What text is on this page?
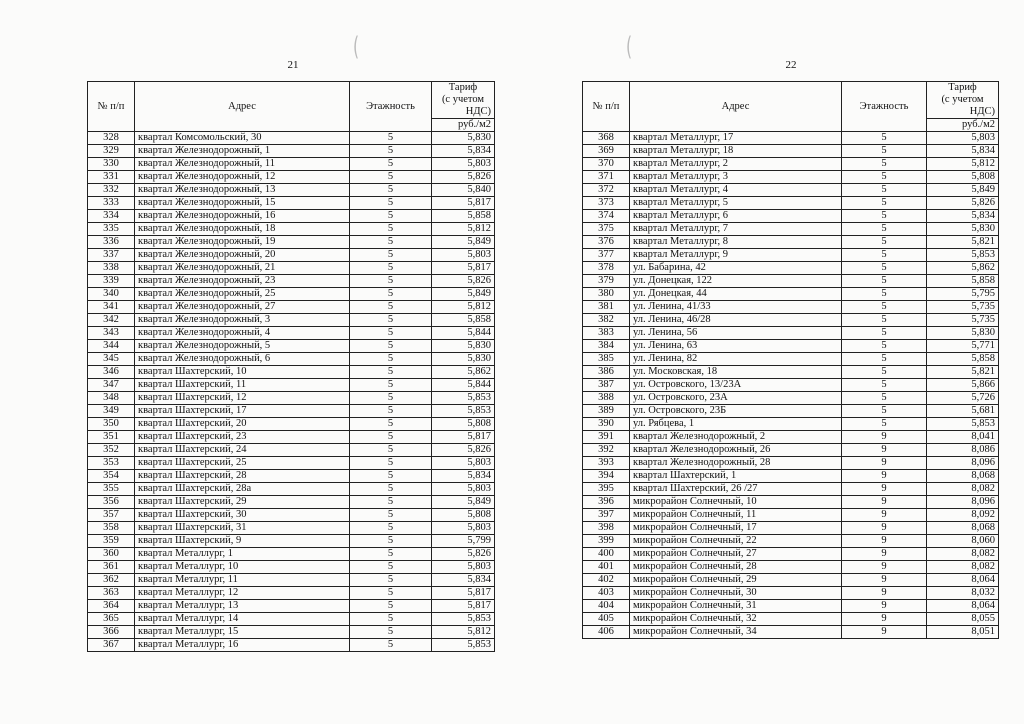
(
21
№ п/п	Адрес	Этажность	Тариф
(с учетом
НДС)

			руб./м2
328	квартал Комсомольский, 30	5	5,830
329	квартал Железнодорожный, 1	5	5,834
330	квартал Железнодорожный, 11	5	5,803
331	квартал Железнодорожный, 12	5	5,826
332	квартал Железнодорожный, 13	5	5,840
333	квартал Железнодорожный, 15	5	5,817
334	квартал Железнодорожный, 16	5	5,858
335	квартал Железнодорожный, 18	5	5,812
336	квартал Железнодорожный, 19	5	5,849
337	квартал Железнодорожный, 20	5	5,803
338	квартал Железнодорожный, 21	5	5,817
339	квартал Железнодорожный, 23	5	5,826
340	квартал Железнодорожный, 25	5	5,849
341	квартал Железнодорожный, 27	5	5,812
342	квартал Железнодорожный, 3	5	5,858
343	квартал Железнодорожный, 4	5	5,844
344	квартал Железнодорожный, 5	5	5,830
345	квартал Железнодорожный, 6	5	5,830
346	квартал Шахтерский, 10	5	5,862
347	квартал Шахтерский, 11	5	5,844
348	квартал Шахтерский, 12	5	5,853
349	квартал Шахтерский, 17	5	5,853
350	квартал Шахтерский, 20	5	5,808
351	квартал Шахтерский, 23	5	5,817
352	квартал Шахтерский, 24	5	5,826
353	квартал Шахтерский, 25	5	5,803
354	квартал Шахтерский, 28	5	5,834
355	квартал Шахтерский, 28а	5	5,803
356	квартал Шахтерский, 29	5	5,849
357	квартал Шахтерский, 30	5	5,808
358	квартал Шахтерский, 31	5	5,803
359	квартал Шахтерский, 9	5	5,799
360	квартал Металлург, 1	5	5,826
361	квартал Металлург, 10	5	5,803
362	квартал Металлург, 11	5	5,834
363	квартал Металлург, 12	5	5,817
364	квартал Металлург, 13	5	5,817
365	квартал Металлург, 14	5	5,853
366	квартал Металлург, 15	5	5,812
367	квартал Металлург, 16	5	5,853
(
22
№ п/п	Адрес	Этажность	Тариф
(с учетом
НДС)

			руб./м2
368	квартал Металлург, 17	5	5,803
369	квартал Металлург, 18	5	5,834
370	квартал Металлург, 2	5	5,812
371	квартал Металлург, 3	5	5,808
372	квартал Металлург, 4	5	5,849
373	квартал Металлург, 5	5	5,826
374	квартал Металлург, 6	5	5,834
375	квартал Металлург, 7	5	5,830
376	квартал Металлург, 8	5	5,821
377	квартал Металлург, 9	5	5,853
378	ул. Бабарина, 42	5	5,862
379	ул. Донецкая, 122	5	5,858
380	ул. Донецкая, 44	5	5,795
381	ул. Ленина, 41/33	5	5,735
382	ул. Ленина, 46/28	5	5,735
383	ул. Ленина, 56	5	5,830
384	ул. Ленина, 63	5	5,771
385	ул. Ленина, 82	5	5,858
386	ул. Московская, 18	5	5,821
387	ул. Островского, 13/23А	5	5,866
388	ул. Островского, 23А	5	5,726
389	ул. Островского, 23Б	5	5,681
390	ул. Рябцева, 1	5	5,853
391	квартал Железнодорожный, 2	9	8,041
392	квартал Железнодорожный, 26	9	8,086
393	квартал Железнодорожный, 28	9	8,096
394	квартал Шахтерский, 1	9	8,068
395	квартал Шахтерский, 26 /27	9	8,082
396	микрорайон Солнечный, 10	9	8,096
397	микрорайон Солнечный, 11	9	8,092
398	микрорайон Солнечный, 17	9	8,068
399	микрорайон Солнечный, 22	9	8,060
400	микрорайон Солнечный, 27	9	8,082
401	микрорайон Солнечный, 28	9	8,082
402	микрорайон Солнечный, 29	9	8,064
403	микрорайон Солнечный, 30	9	8,032
404	микрорайон Солнечный, 31	9	8,064
405	микрорайон Солнечный, 32	9	8,055
406	микрорайон Солнечный, 34	9	8,051
